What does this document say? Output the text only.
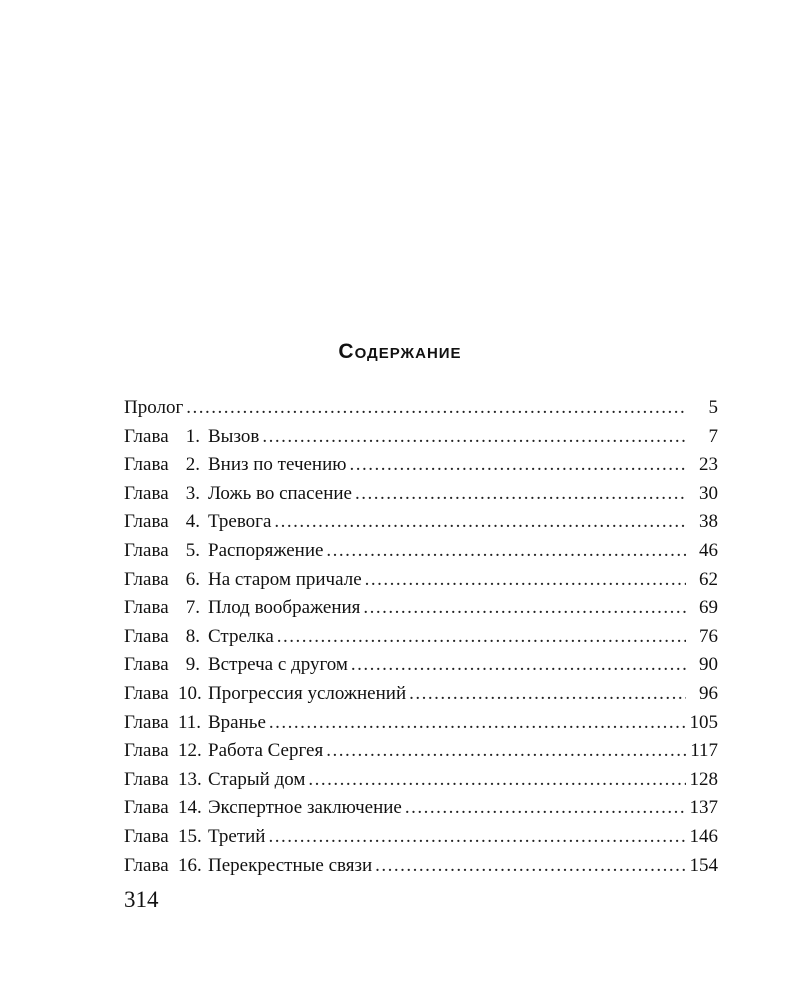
Содержание
Пролог .....	5
Глава 1. Вызов .....	7
Глава 2. Вниз по течению .....	23
Глава 3. Ложь во спасение .....	30
Глава 4. Тревога .....	38
Глава 5. Распоряжение .....	46
Глава 6. На старом причале .....	62
Глава 7. Плод воображения .....	69
Глава 8. Стрелка .....	76
Глава 9. Встреча с другом .....	90
Глава 10. Прогрессия усложнений .....	96
Глава 11. Вранье .....	105
Глава 12. Работа Сергея .....	117
Глава 13. Старый дом .....	128
Глава 14. Экспертное заключение .....	137
Глава 15. Третий .....	146
Глава 16. Перекрестные связи .....	154
314
